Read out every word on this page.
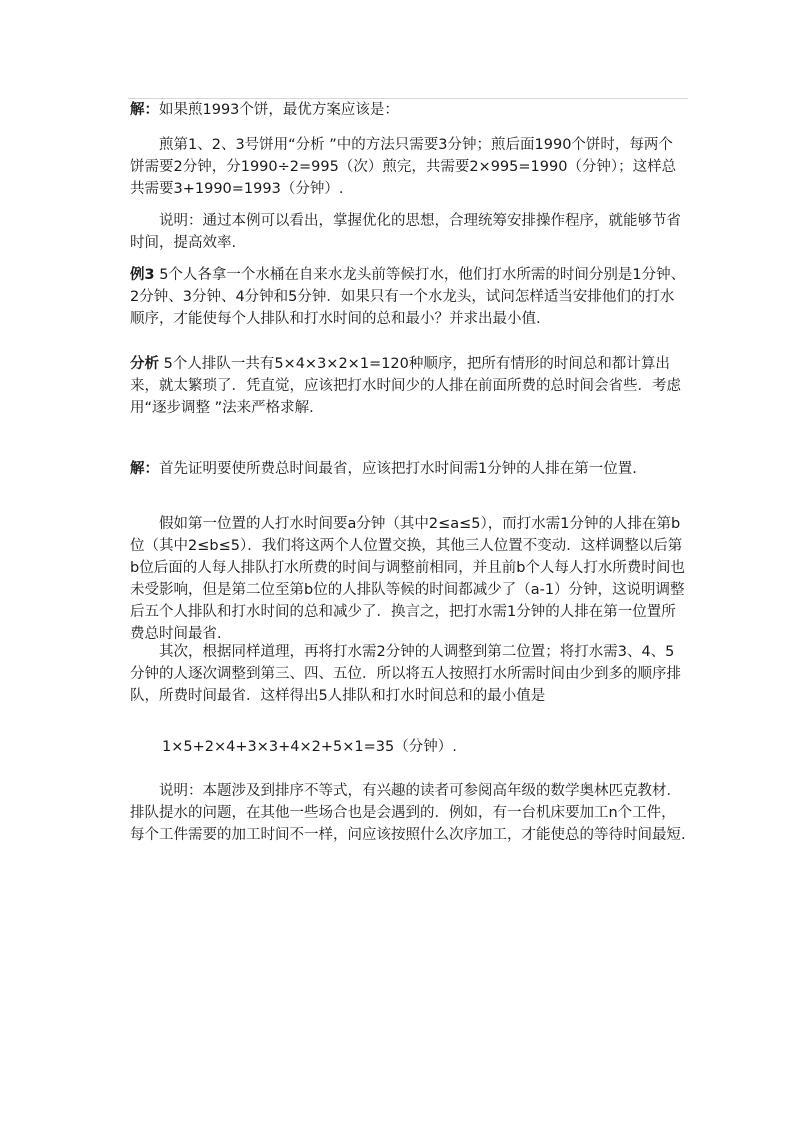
解：如果煎1993个饼，最优方案应该是：

　　煎第1、2、3号饼用“分析 ”中的方法只需要3分钟；煎后面1990个饼时，每两个饼需要2分钟，分1990÷2=995（次）煎完，共需要2×995=1990（分钟）；这样总共需要3+1990=1993（分钟）.

　　说明：通过本例可以看出，掌握优化的思想，合理统筹安排操作程序，就能够节省时间，提高效率.

例3 5个人各拿一个水桶在自来水龙头前等候打水，他们打水所需的时间分别是1分钟、2分钟、3分钟、4分钟和5分钟．如果只有一个水龙头，试问怎样适当安排他们的打水顺序，才能使每个人排队和打水时间的总和最小？并求出最小值.

分析 5个人排队一共有5×4×3×2×1=120种顺序，把所有情形的时间总和都计算出来，就太繁琐了．凭直觉，应该把打水时间少的人排在前面所费的总时间会省些．考虑用“逐步调整 ”法来严格求解.

解：首先证明要使所费总时间最省，应该把打水时间需1分钟的人排在第一位置.

　　假如第一位置的人打水时间要a分钟（其中2≤a≤5），而打水需1分钟的人排在第b位（其中2≤b≤5）．我们将这两个人位置交换，其他三人位置不变动．这样调整以后第b位后面的人每人排队打水所费的时间与调整前相同，并且前b个人每人打水所费时间也未受影响，但是第二位至第b位的人排队等候的时间都减少了（a-1）分钟，这说明调整后五个人排队和打水时间的总和减少了．换言之，把打水需1分钟的人排在第一位置所费总时间最省.

　　其次，根据同样道理，再将打水需2分钟的人调整到第二位置；将打水需3、4、5分钟的人逐次调整到第三、四、五位．所以将五人按照打水所需时间由少到多的顺序排队，所费时间最省．这样得出5人排队和打水时间总和的最小值是

1×5+2×4+3×3+4×2+5×1=35（分钟）.

　　说明：本题涉及到排序不等式，有兴趣的读者可参阅高年级的数学奥林匹克教材．排队提水的问题，在其他一些场合也是会遇到的．例如，有一台机床要加工n个工件，每个工件需要的加工时间不一样，问应该按照什么次序加工，才能使总的等待时间最短.
